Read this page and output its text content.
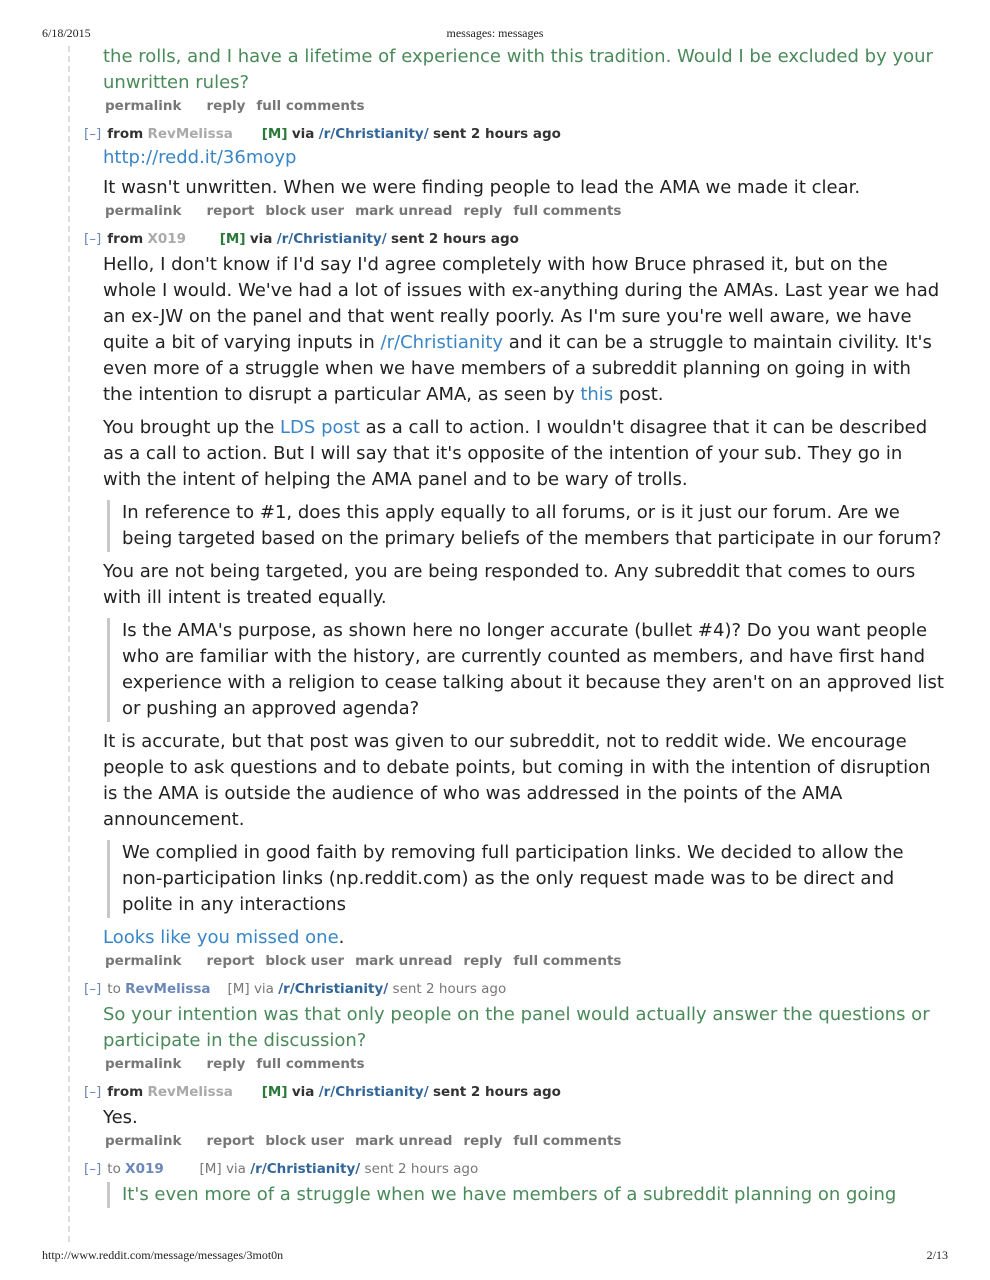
6/18/2015	messages: messages

the rolls, and I have a lifetime of experience with this tradition. Would I be excluded by your unwritten rules?

permalink reply full comments
[–] from RevMelissa [M] via /r/Christianity/ sent 2 hours ago
http://redd.it/36moyp

It wasn't unwritten. When we were finding people to lead the AMA we made it clear.

permalink report block user mark unread reply full comments
[–] from X019 [M] via /r/Christianity/ sent 2 hours ago

Hello, I don't know if I'd say I'd agree completely with how Bruce phrased it, but on the whole I would. We've had a lot of issues with ex-anything during the AMAs. Last year we had an ex-JW on the panel and that went really poorly. As I'm sure you're well aware, we have quite a bit of varying inputs in /r/Christianity and it can be a struggle to maintain civility. It's even more of a struggle when we have members of a subreddit planning on going in with the intention to disrupt a particular AMA, as seen by this post.

You brought up the LDS post as a call to action. I wouldn't disagree that it can be described as a call to action. But I will say that it's opposite of the intention of your sub. They go in with the intent of helping the AMA panel and to be wary of trolls.

In reference to #1, does this apply equally to all forums, or is it just our forum. Are we being targeted based on the primary beliefs of the members that participate in our forum?

You are not being targeted, you are being responded to. Any subreddit that comes to ours with ill intent is treated equally.

Is the AMA's purpose, as shown here no longer accurate (bullet #4)? Do you want people who are familiar with the history, are currently counted as members, and have first hand experience with a religion to cease talking about it because they aren't on an approved list or pushing an approved agenda?

It is accurate, but that post was given to our subreddit, not to reddit wide. We encourage people to ask questions and to debate points, but coming in with the intention of disruption is the AMA is outside the audience of who was addressed in the points of the AMA announcement.

We complied in good faith by removing full participation links. We decided to allow the non-participation links (np.reddit.com) as the only request made was to be direct and polite in any interactions

Looks like you missed one.

permalink report block user mark unread reply full comments
[–] to RevMelissa [M] via /r/Christianity/ sent 2 hours ago

So your intention was that only people on the panel would actually answer the questions or participate in the discussion?

permalink reply full comments
[–] from RevMelissa [M] via /r/Christianity/ sent 2 hours ago

Yes.

permalink report block user mark unread reply full comments
[–] to X019	[M] via /r/Christianity/ sent 2 hours ago
It's even more of a struggle when we have members of a subreddit planning on going
http://www.reddit.com/message/messages/3mot0n	2/13
